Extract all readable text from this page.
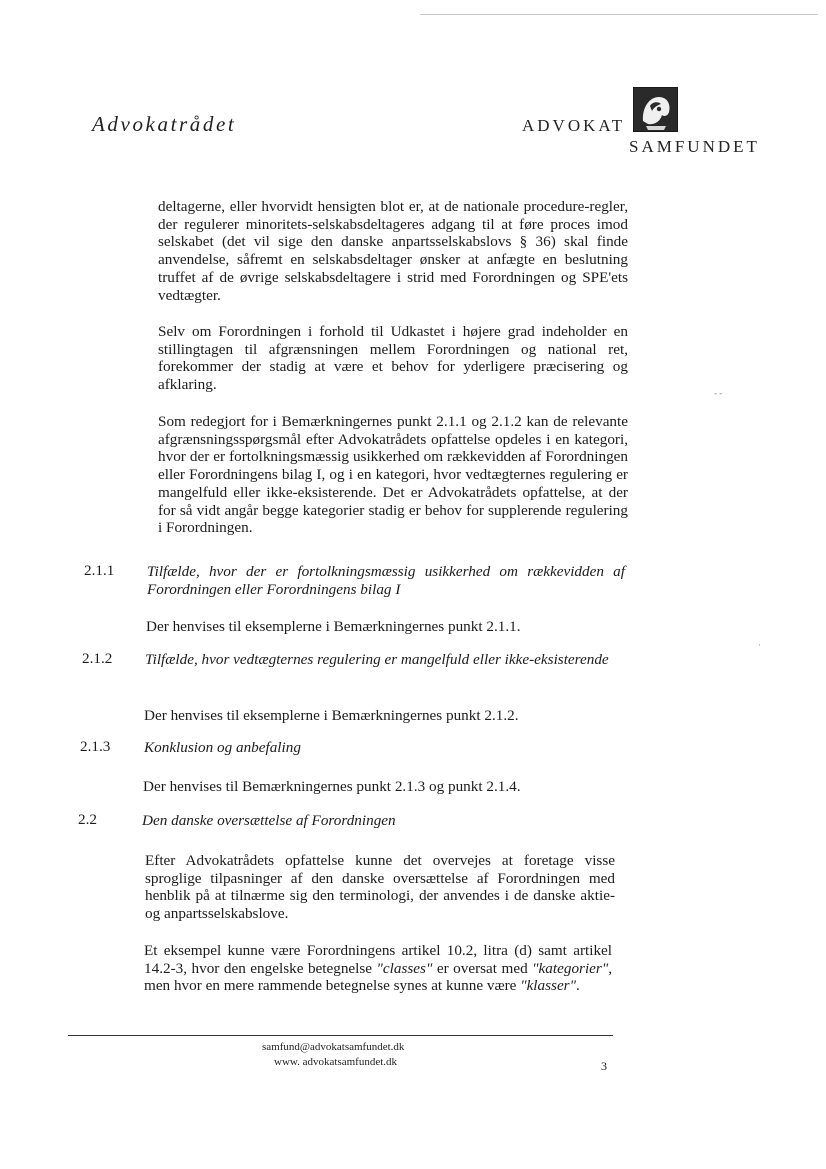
Advokatrådet	ADVOKAT
SAMFUNDET
deltagerne, eller hvorvidt hensigten blot er, at de nationale procedure-regler, der regulerer minoritets-selskabsdeltageres adgang til at føre proces imod selskabet (det vil sige den danske anpartsselskabslovs § 36) skal finde anvendelse, såfremt en selskabsdeltager ønsker at anfægte en beslutning truffet af de øvrige selskabsdeltagere i strid med Forordningen og SPE'ets vedtægter.
Selv om Forordningen i forhold til Udkastet i højere grad indeholder en stillingtagen til afgrænsningen mellem Forordningen og national ret, forekommer der stadig at være et behov for yderligere præcisering og afklaring.
Som redegjort for i Bemærkningernes punkt 2.1.1 og 2.1.2 kan de relevante afgrænsningsspørgsmål efter Advokatrådets opfattelse opdeles i en kategori, hvor der er fortolkningsmæssig usikkerhed om rækkevidden af Forordningen eller Forordningens bilag I, og i en kategori, hvor vedtægternes regulering er mangelfuld eller ikke-eksisterende. Det er Advokatrådets opfattelse, at der for så vidt angår begge kategorier stadig er behov for supplerende regulering i Forordningen.
- -
·
2.1.1 Tilfælde, hvor der er fortolkningsmæssig usikkerhed om rækkevidden af Forordningen eller Forordningens bilag I
Der henvises til eksemplerne i Bemærkningernes punkt 2.1.1.
2.1.2 Tilfælde, hvor vedtægternes regulering er mangelfuld eller ikke-eksisterende
Der henvises til eksemplerne i Bemærkningernes punkt 2.1.2.
2.1.3 Konklusion og anbefaling
Der henvises til Bemærkningernes punkt 2.1.3 og punkt 2.1.4.
2.2	Den danske oversættelse af Forordningen
Efter Advokatrådets opfattelse kunne det overvejes at foretage visse sproglige tilpasninger af den danske oversættelse af Forordningen med henblik på at tilnærme sig den terminologi, der anvendes i de danske aktie- og anpartsselskabslove.
Et eksempel kunne være Forordningens artikel 10.2, litra (d) samt artikel 14.2-3, hvor den engelske betegnelse "classes" er oversat med "kategorier", men hvor en mere rammende betegnelse synes at kunne være "klasser".
samfund@advokatsamfundet.dk
www. advokatsamfundet.dk	3
